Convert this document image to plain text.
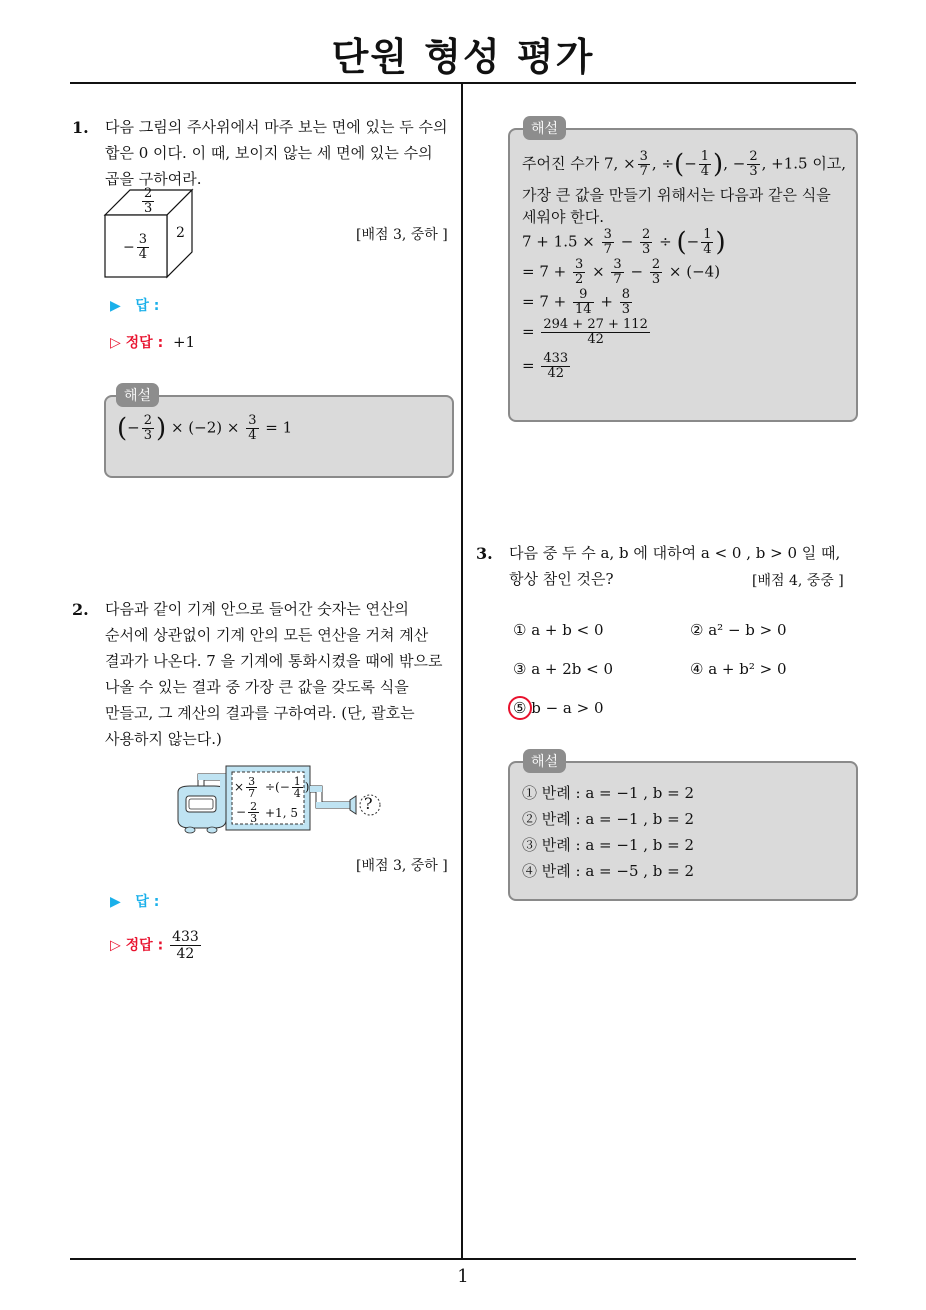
단원 형성 평가
1
1. 다음 그림의 주사위에서 마주 보는 면에 있는 두 수의
합은 0 이다. 이 때, 보이지 않는 세 면에 있는 수의
곱을 구하여라.
$\frac{2}{3}$
− $\frac{3}{4} 2$	[배점 3, 중하 ]
▶ 답 :
▷ 정답 : +1
해설
(− $\frac{2}{3}$ ) × $(-2) \times \frac{3}{4} = 1$
2. 다음과 같이 기계 안으로 들어간 숫자는 연산의
순서에 상관없이 기계 안의 모든 연산을 거쳐 계산
결과가 나온다. 7 을 기계에 통화시켰을 때에 밖으로
나올 수 있는 결과 중 가장 큰 값을 갖도록 식을
만들고, 그 계산의 결과를 구하여라. (단, 괄호는
사용하지 않는다.)
× $\frac{3}{7}$ ÷(− $\frac{1}{4}$ )
− $\frac{2}{3} +1$, 5	?
[배점 3, 중하 ]
▶ 답 :
▷ 정답 : $\frac{433}{42}$
해설
주어진 수가 7, × $\frac{3}{7}$ , ÷(− $\frac{1}{4}$ ), − $\frac{2}{3}$ , +1.5 이고,
가장 큰 값을 만들기 위해서는 다음과 같은 식을
세워야 한다.
$7 + 1.5 \times \frac{3}{7} - \frac{2}{3}$ ÷ (− $\frac{1}{4}$ )
= $7 + \frac{3}{2} \times \frac{3}{7} - \frac{2}{3} \times (-4)$
= $7 + \frac{9}{14} + \frac{8}{3}$
= $\frac{294 + 27 + 112}{42}$
= $\frac{433}{42}$
3. 다음 중 두 수 a, b 에 대하여 a < 0 , b > 0 일 때,
항상 참인 것은?	[배점 4, 중중 ]
① a + b < 0	② a² − b > 0
③ a + 2b < 0	④ a + b² > 0
⑤ b − a > 0
해설
① 반례 : a = −1 , b = 2
② 반례 : a = −1 , b = 2
③ 반례 : a = −1 , b = 2
④ 반례 : a = −5 , b = 2
